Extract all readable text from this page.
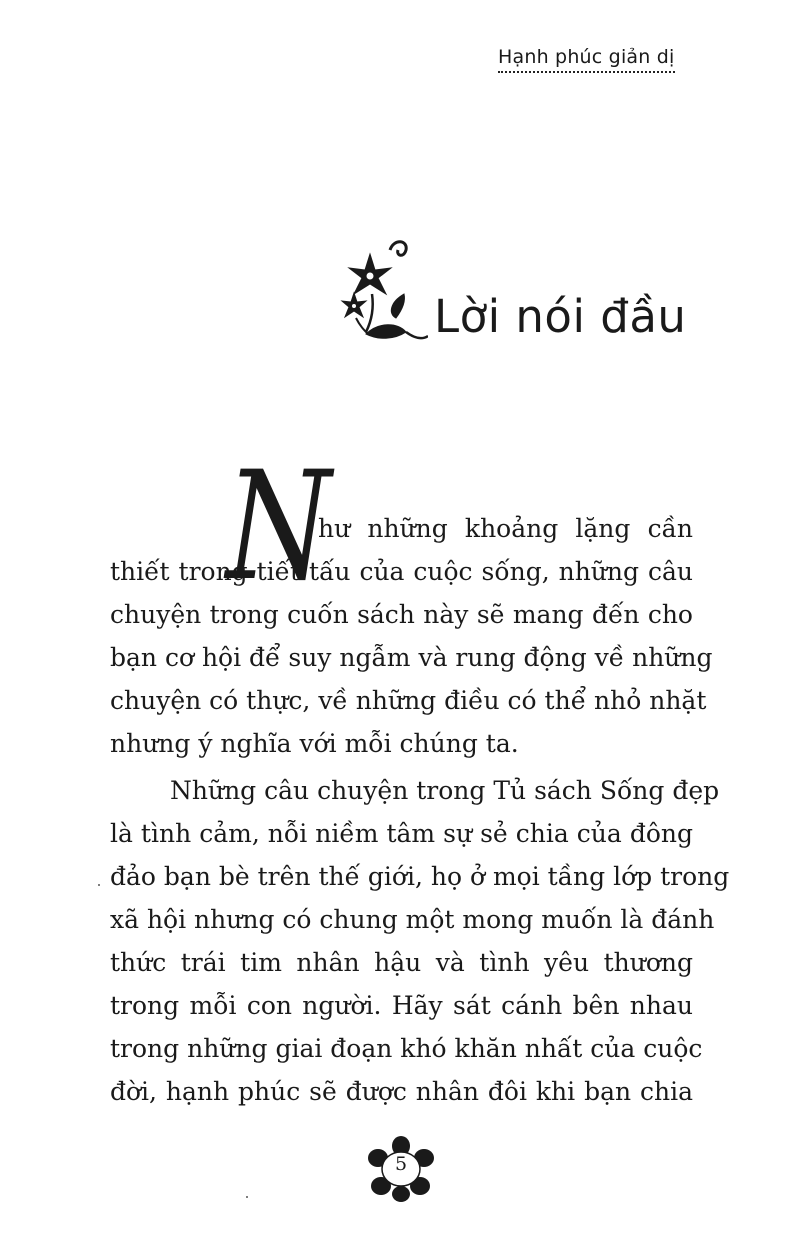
Hạnh phúc giản dị
Lời nói đầu
N
hư những khoảng lặng cần
thiết trong tiết tấu của cuộc sống, những câu
chuyện trong cuốn sách này sẽ mang đến cho
bạn cơ hội để suy ngẫm và rung động về những
chuyện có thực, về những điều có thể nhỏ nhặt
nhưng ý nghĩa với mỗi chúng ta.
Những câu chuyện trong Tủ sách Sống đẹp
là tình cảm, nỗi niềm tâm sự sẻ chia của đông
đảo bạn bè trên thế giới, họ ở mọi tầng lớp trong
xã hội nhưng có chung một mong muốn là đánh
thức trái tim nhân hậu và tình yêu thương
trong mỗi con người. Hãy sát cánh bên nhau
trong những giai đoạn khó khăn nhất của cuộc
đời, hạnh phúc sẽ được nhân đôi khi bạn chia
5
